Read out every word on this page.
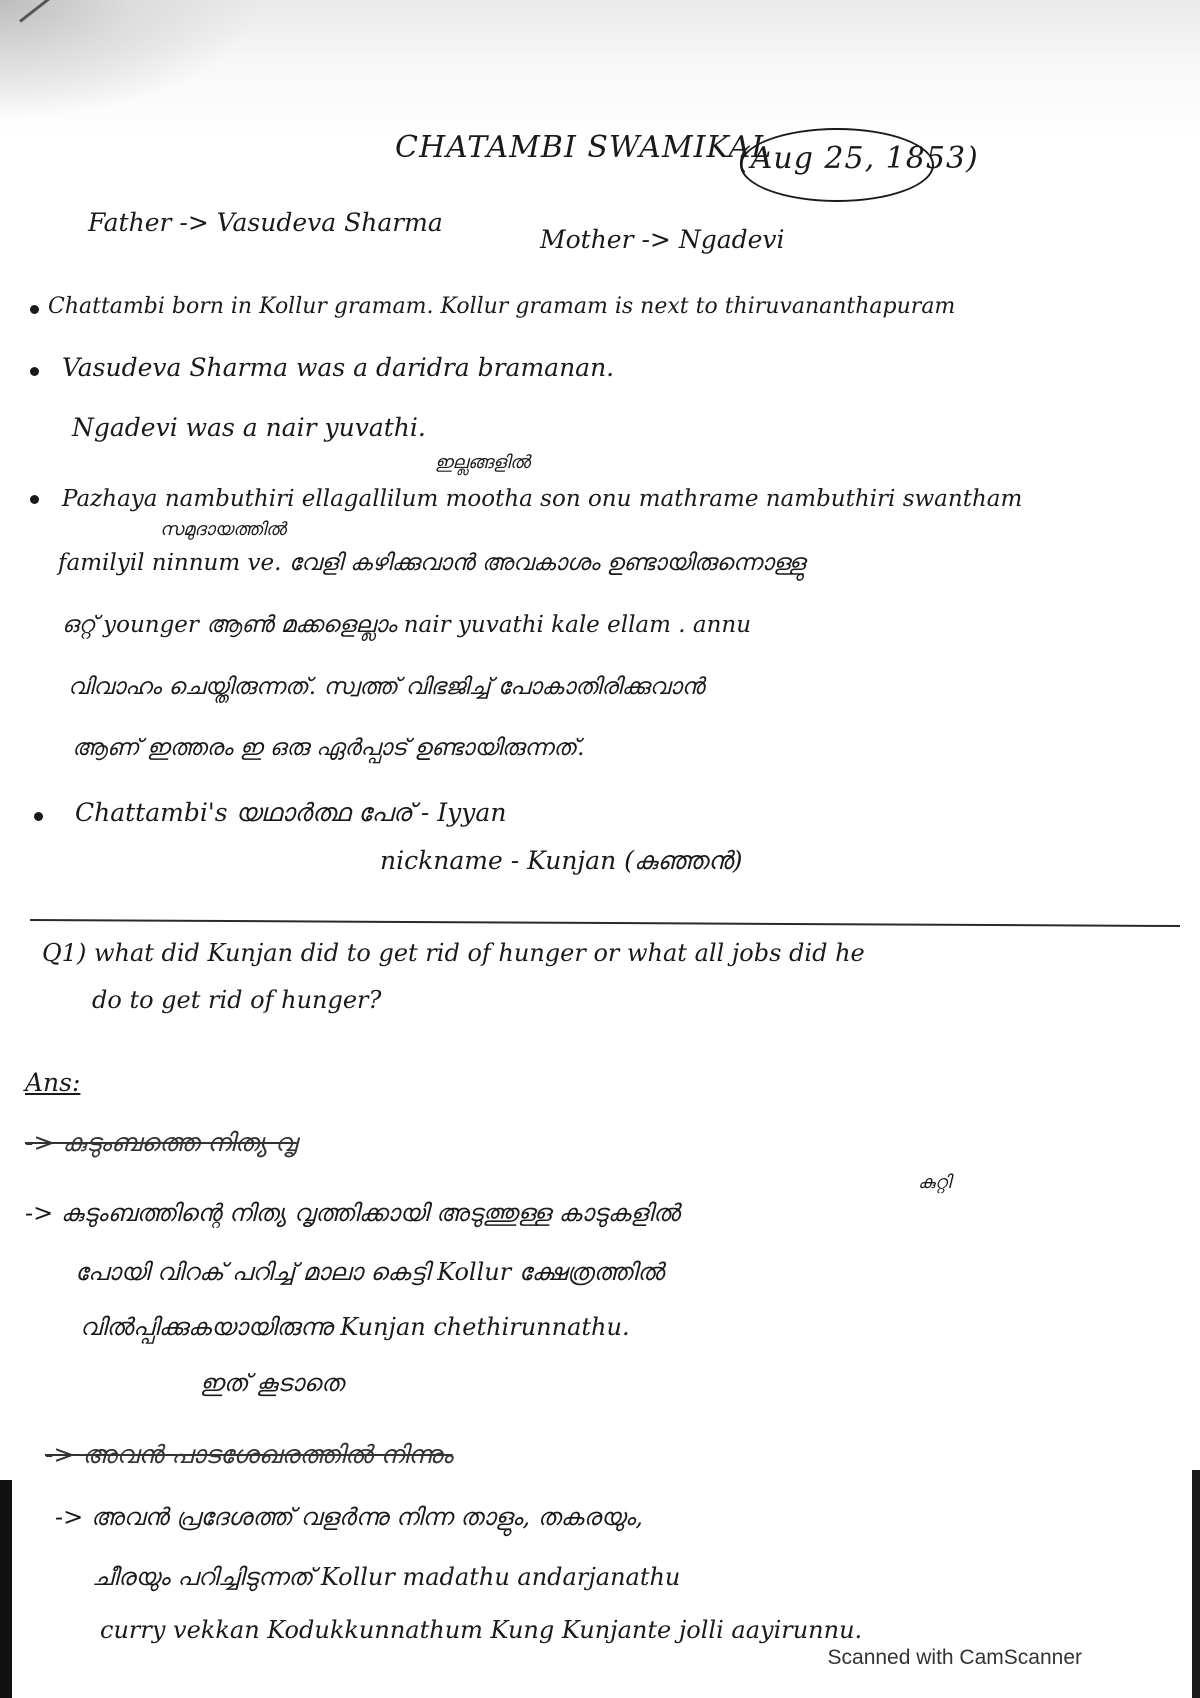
CHATAMBI SWAMIKAL
(Aug 25, 1853)
Father -> Vasudeva Sharma
Mother -> Ngadevi
Chattambi born in Kollur gramam. Kollur gramam is next to thiruvananthapuram
Vasudeva Sharma was a daridra bramanan.
Ngadevi was a nair yuvathi.
ഇല്ലങ്ങളിൽ
Pazhaya nambuthiri ellagallilum mootha son onu mathrame nambuthiri swantham
സമുദായത്തിൽ
familyil ninnum ve. വേളി കഴിക്കുവാൻ അവകാശം ഉണ്ടായിരുന്നൊള്ളു
ഒറ്റ് younger ആൺ മക്കളെല്ലാം nair yuvathi kale ellam . annu
വിവാഹം ചെയ്തിരുന്നത്. സ്വത്ത് വിഭജിച്ച് പോകാതിരിക്കുവാൻ
ആണ് ഇത്തരം ഇ ഒരു ഏർപ്പാട് ഉണ്ടായിരുന്നത്.
Chattambi's യഥാർത്ഥ പേര് - Iyyan
nickname - Kunjan (കുഞ്ഞൻ)
Q1) what did Kunjan did to get rid of hunger or what all jobs did he
do to get rid of hunger?
Ans:
-> കുടുംബത്തെ നിത്യ വൃ
കുറ്റി
-> കുടുംബത്തിന്റെ നിത്യ വൃത്തിക്കായി അടുത്തുള്ള കാടുകളിൽ
പോയി വിറക് പറിച്ച് മാലാ കെട്ടി Kollur ക്ഷേത്രത്തിൽ
വിൽപ്പിക്കുകയായിരുന്നു Kunjan chethirunnathu.
ഇത് കൂടാതെ
-> അവൻ പാടശേഖരത്തിൽ നിന്നും
-> അവൻ പ്രദേശത്ത് വളർന്നു നിന്ന താളും, തകരയും,
ചീരയും പറിച്ചിടുന്നത് Kollur madathu andarjanathu
curry vekkan Kodukkunnathum Kung Kunjante jolli aayirunnu.
Scanned with CamScanner
